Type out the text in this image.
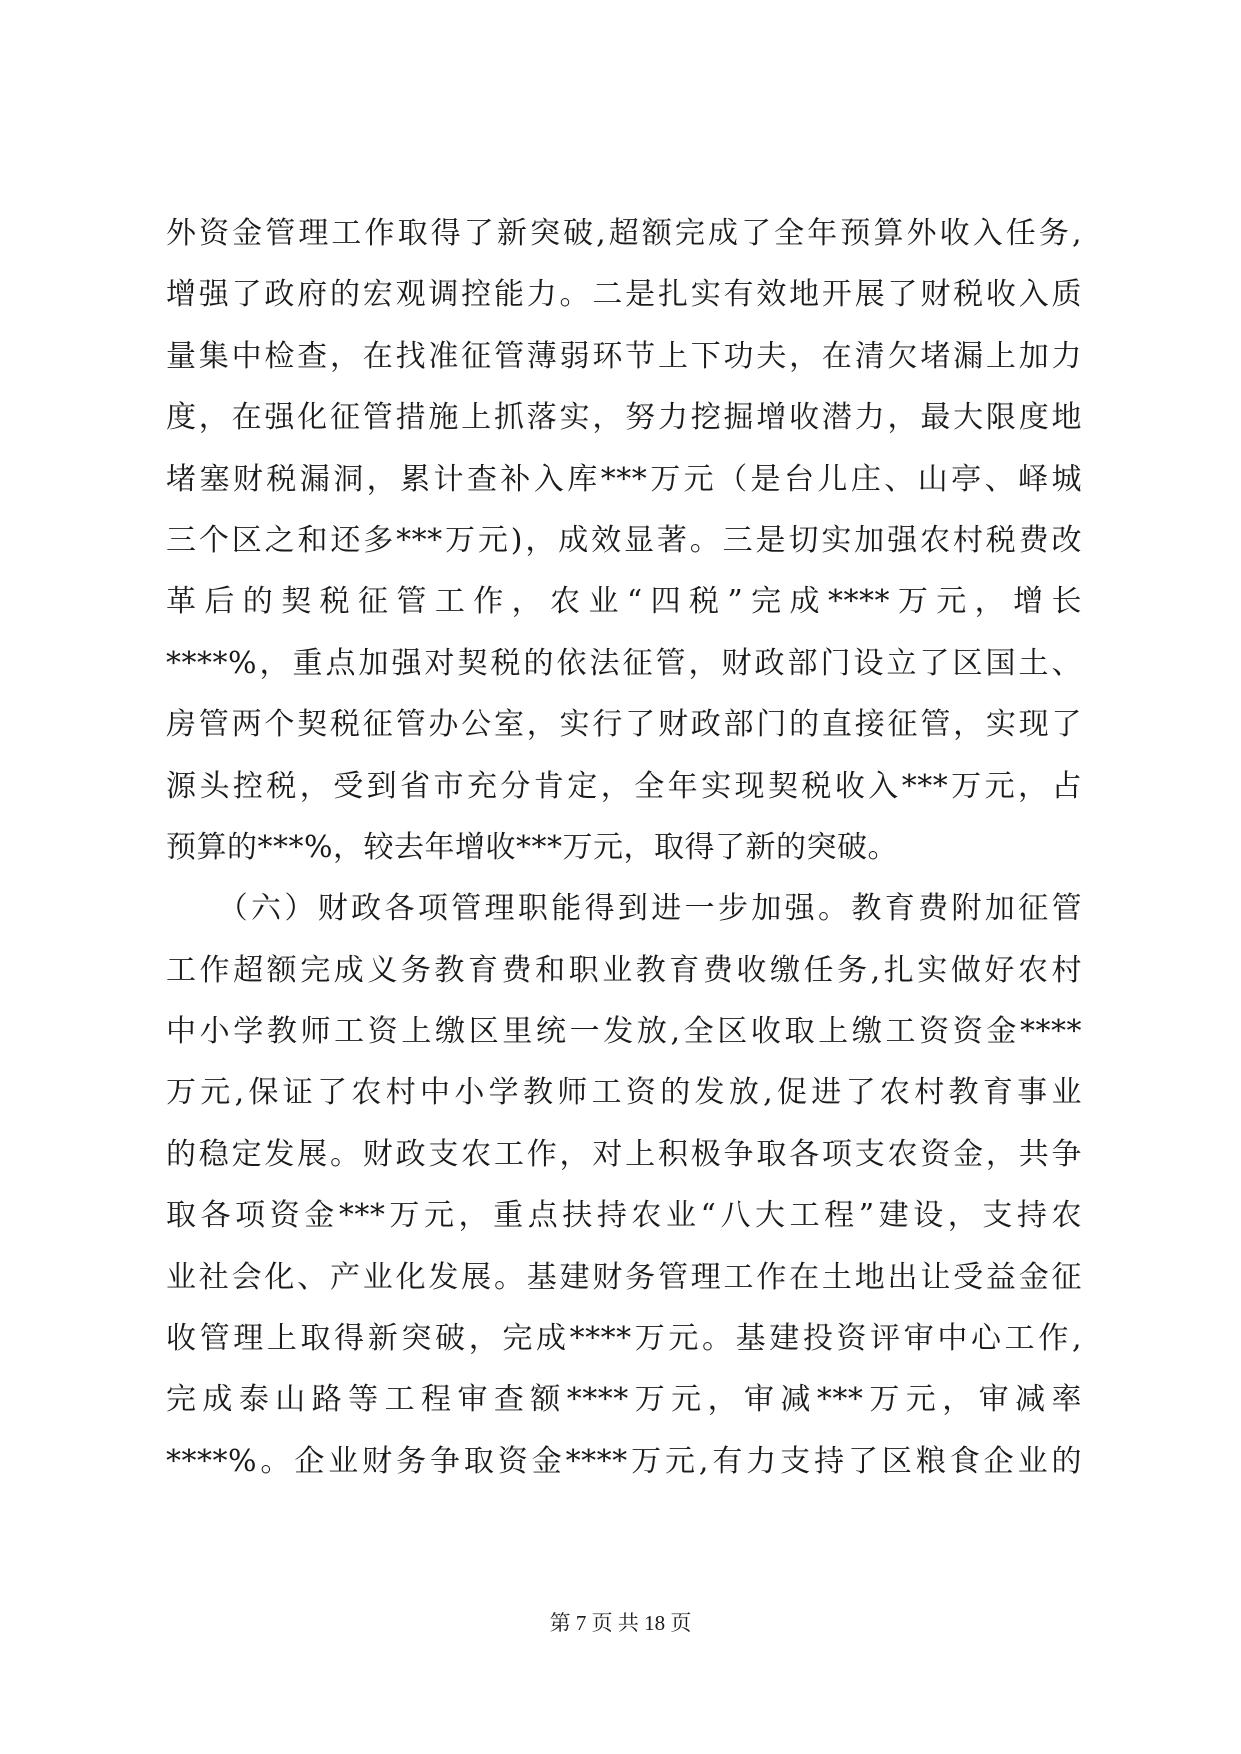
外资金管理工作取得了新突破,超额完成了全年预算外收入任务,
增强了政府的宏观调控能力。二是扎实有效地开展了财税收入质
量集中检查，在找准征管薄弱环节上下功夫，在清欠堵漏上加力
度，在强化征管措施上抓落实，努力挖掘增收潜力，最大限度地
堵塞财税漏洞，累计查补入库***万元（是台儿庄、山亭、峄城
三个区之和还多***万元)，成效显著。三是切实加强农村税费改
革后的契税征管工作，农业“四税”完成****万元，增长
****%，重点加强对契税的依法征管，财政部门设立了区国土、
房管两个契税征管办公室，实行了财政部门的直接征管，实现了
源头控税，受到省市充分肯定，全年实现契税收入***万元，占
预算的***%，较去年增收***万元，取得了新的突破。
　　（六）财政各项管理职能得到进一步加强。教育费附加征管
工作超额完成义务教育费和职业教育费收缴任务,扎实做好农村
中小学教师工资上缴区里统一发放,全区收取上缴工资资金****
万元,保证了农村中小学教师工资的发放,促进了农村教育事业
的稳定发展。财政支农工作，对上积极争取各项支农资金，共争
取各项资金***万元，重点扶持农业“八大工程”建设，支持农
业社会化、产业化发展。基建财务管理工作在土地出让受益金征
收管理上取得新突破，完成****万元。基建投资评审中心工作,
完成泰山路等工程审查额****万元，审减***万元，审减率
****%。企业财务争取资金****万元,有力支持了区粮食企业的
第 7 页 共 18 页
